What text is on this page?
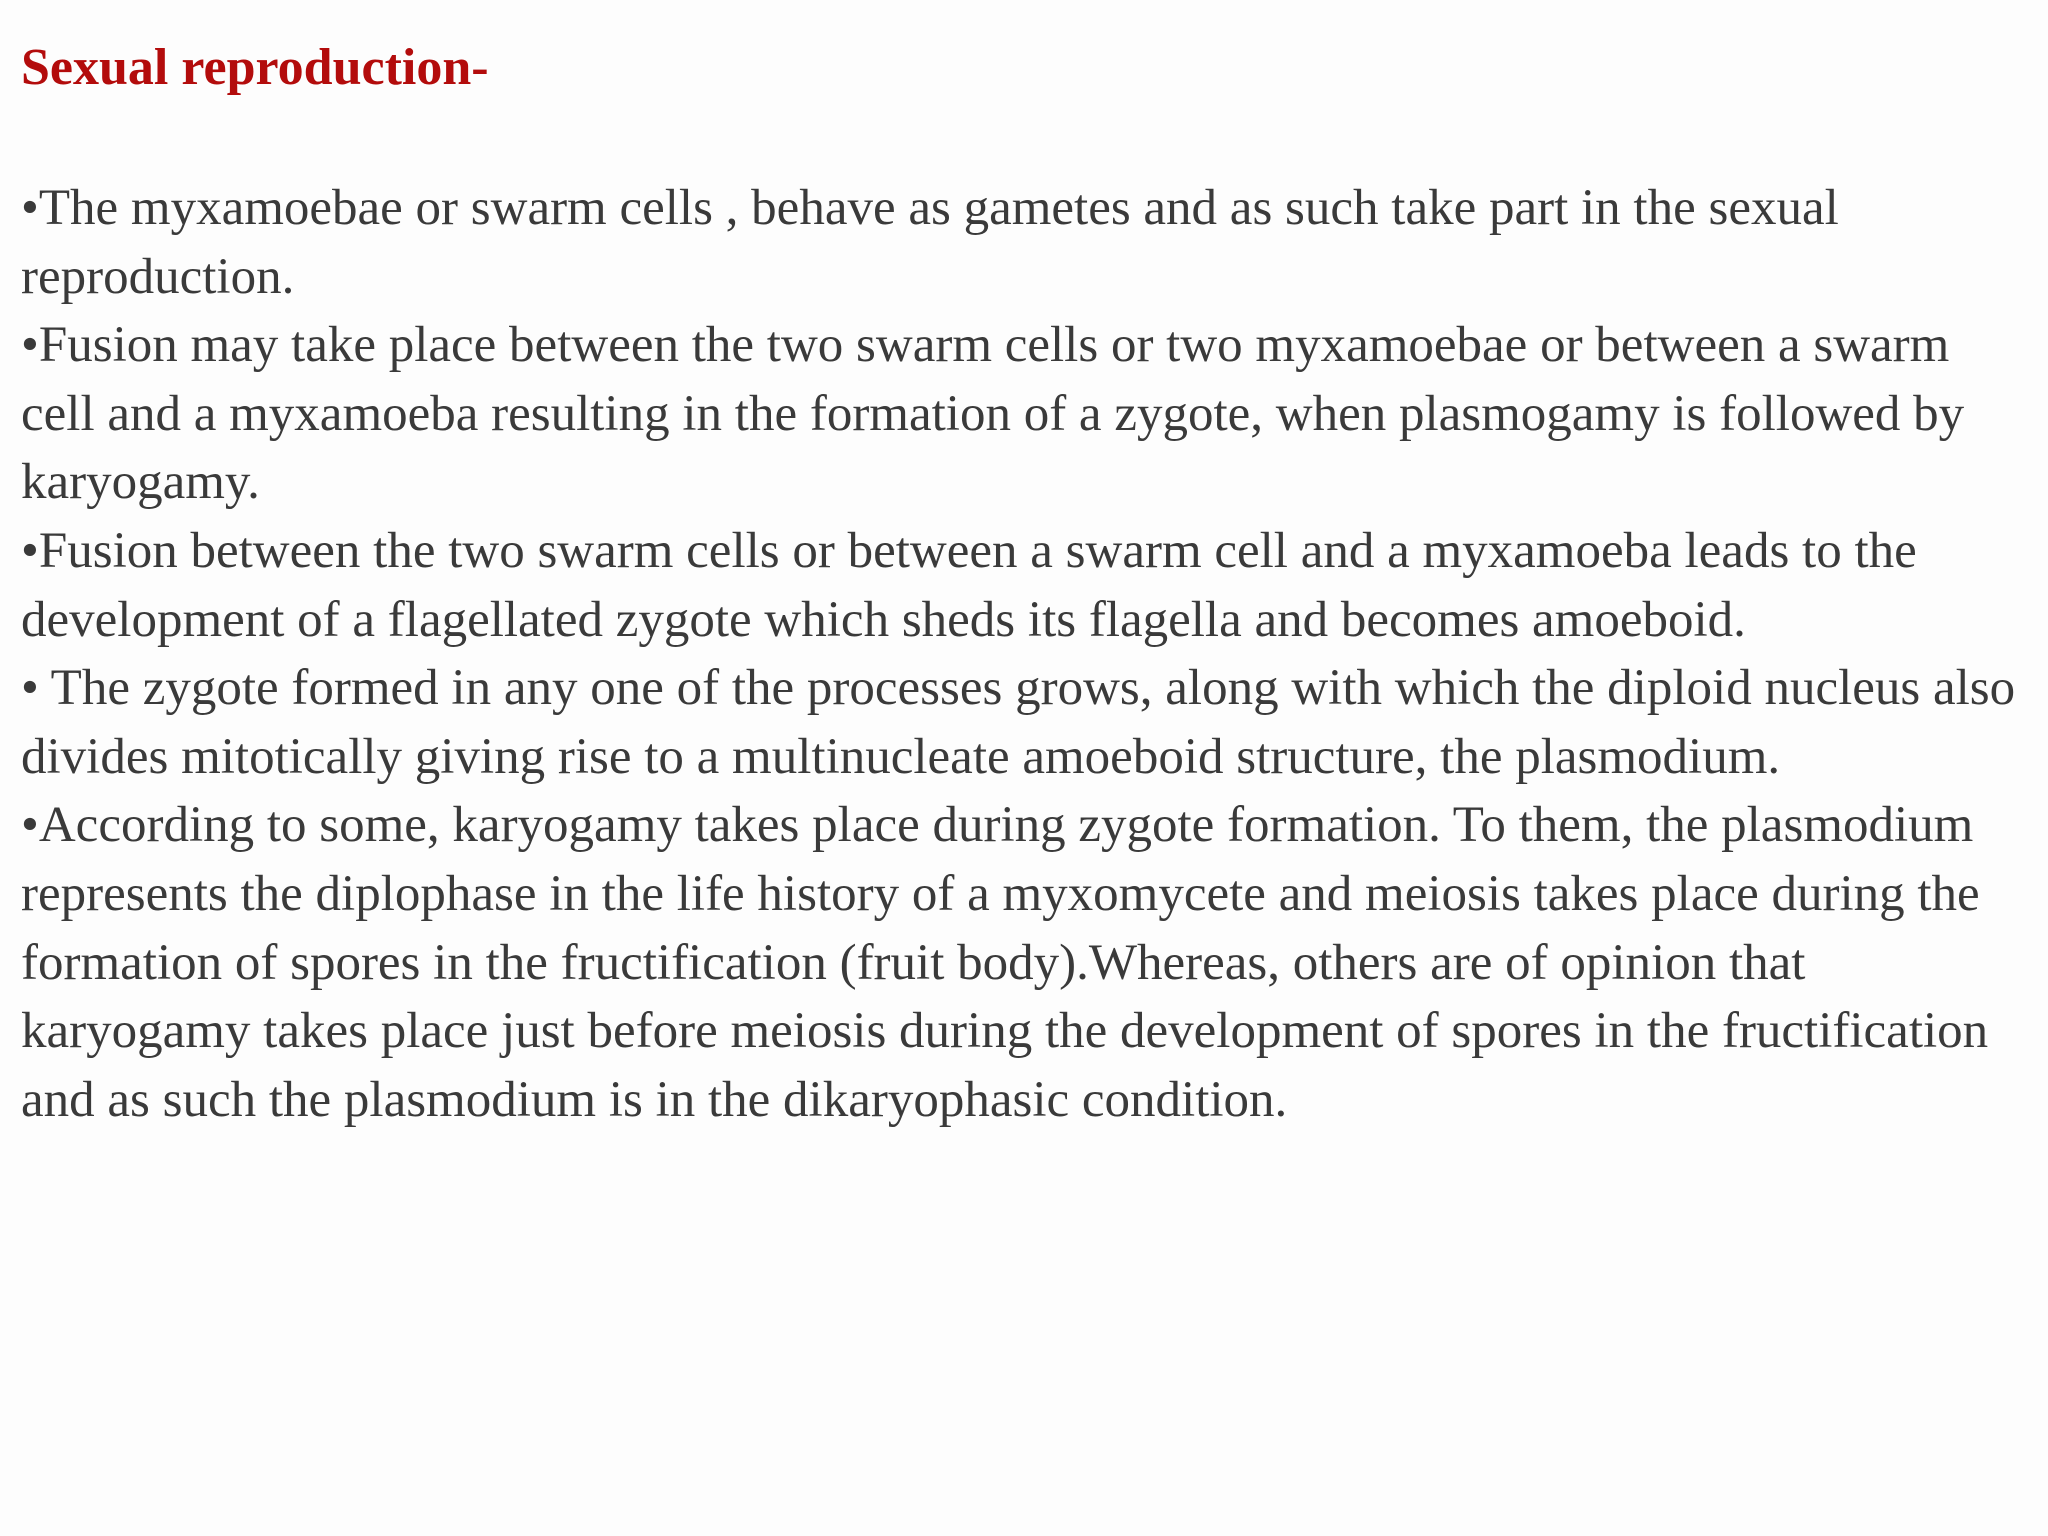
Sexual reproduction-
•The myxamoebae or swarm cells , behave as gametes and as such take part in the sexual reproduction.
•Fusion may take place between the two swarm cells or two myxamoebae or between a swarm cell and a myxamoeba resulting in the formation of a zygote, when plasmogamy is followed by karyogamy.
•Fusion between the two swarm cells or between a swarm cell and a myxamoeba leads to the development of a flagellated zygote which sheds its flagella and becomes amoeboid.
• The zygote formed in any one of the processes grows, along with which the diploid nucleus also divides mitotically giving rise to a multinucleate amoeboid structure, the plasmodium.
•According to some, karyogamy takes place during zygote formation. To them, the plasmodium represents the diplophase in the life history of a myxomycete and meiosis takes place during the formation of spores in the fructification (fruit body).Whereas, others are of opinion that karyogamy takes place just before meiosis during the development of spores in the fructification and as such the plasmodium is in the dikaryophasic condition.
